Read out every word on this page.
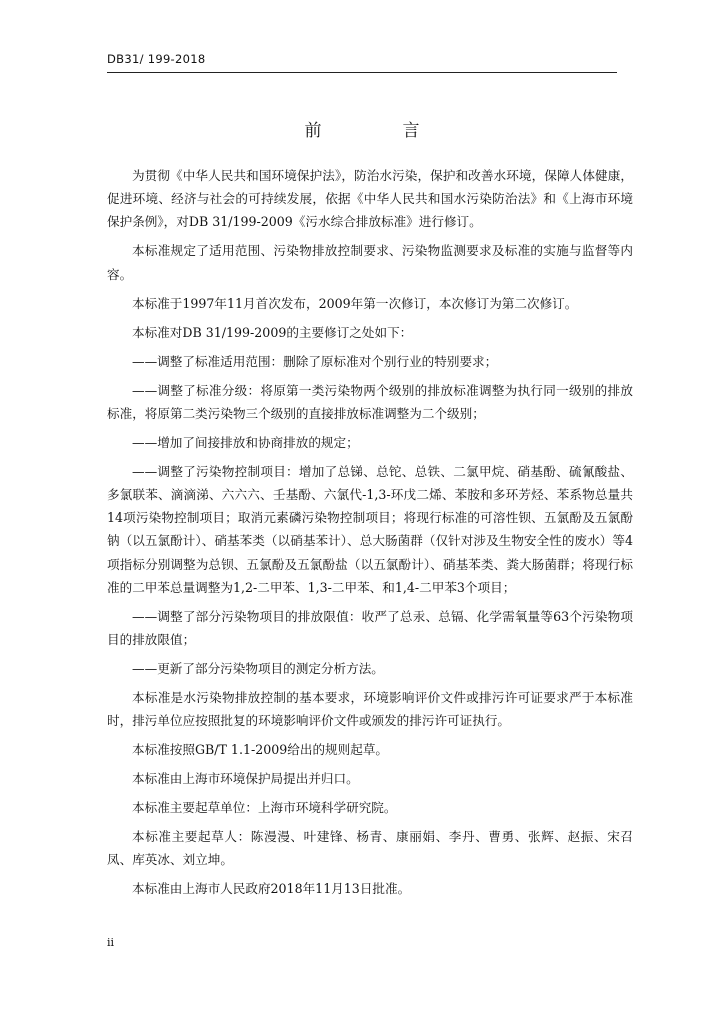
DB31/ 199-2018
前　言

为贯彻《中华人民共和国环境保护法》，防治水污染，保护和改善水环境，保障人体健康，促进环境、经济与社会的可持续发展，依据《中华人民共和国水污染防治法》和《上海市环境保护条例》，对DB 31/199-2009《污水综合排放标准》进行修订。

本标准规定了适用范围、污染物排放控制要求、污染物监测要求及标准的实施与监督等内容。

本标准于1997年11月首次发布，2009年第一次修订，本次修订为第二次修订。

本标准对DB 31/199-2009的主要修订之处如下：

——调整了标准适用范围：删除了原标准对个别行业的特别要求；

——调整了标准分级：将原第一类污染物两个级别的排放标准调整为执行同一级别的排放标准，将原第二类污染物三个级别的直接排放标准调整为二个级别；

——增加了间接排放和协商排放的规定；

——调整了污染物控制项目：增加了总锑、总铊、总铁、二氯甲烷、硝基酚、硫氰酸盐、多氯联苯、滴滴涕、六六六、壬基酚、六氯代-1,3-环戊二烯、苯胺和多环芳烃、苯系物总量共14项污染物控制项目；取消元素磷污染物控制项目；将现行标准的可溶性钡、五氯酚及五氯酚钠（以五氯酚计）、硝基苯类（以硝基苯计）、总大肠菌群（仅针对涉及生物安全性的废水）等4项指标分别调整为总钡、五氯酚及五氯酚盐（以五氯酚计）、硝基苯类、粪大肠菌群；将现行标准的二甲苯总量调整为1,2-二甲苯、1,3-二甲苯、和1,4-二甲苯3个项目；

——调整了部分污染物项目的排放限值：收严了总汞、总镉、化学需氧量等63个污染物项目的排放限值；

——更新了部分污染物项目的测定分析方法。

本标准是水污染物排放控制的基本要求，环境影响评价文件或排污许可证要求严于本标准时，排污单位应按照批复的环境影响评价文件或颁发的排污许可证执行。

本标准按照GB/T 1.1-2009给出的规则起草。

本标准由上海市环境保护局提出并归口。

本标准主要起草单位：上海市环境科学研究院。

本标准主要起草人：陈漫漫、叶建锋、杨青、康丽娟、李丹、曹勇、张辉、赵振、宋召凤、库英冰、刘立坤。

本标准由上海市人民政府2018年11月13日批准。

ii
